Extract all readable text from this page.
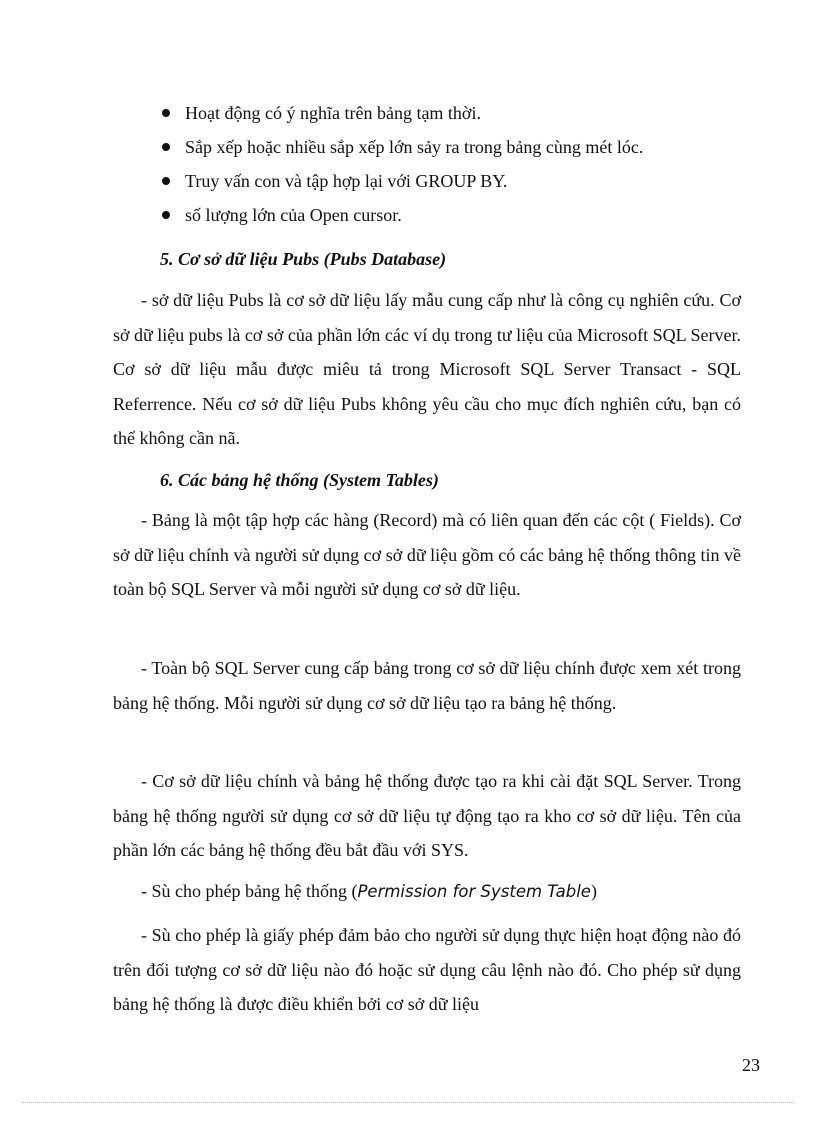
Hoạt động có ý nghĩa trên bảng tạm thời.
Sắp xếp hoặc nhiều sắp xếp lớn sảy ra trong bảng cùng mét lóc.
Truy vấn con và tập hợp lại với GROUP BY.
số lượng lớn của Open cursor.
5. Cơ sở dữ liệu Pubs (Pubs Database)

- sở dữ liệu Pubs là cơ sở dữ liệu lấy mẫu cung cấp như là công cụ nghiên cứu. Cơ sở dữ liệu pubs là cơ sở của phần lớn các ví dụ trong tư liệu của Microsoft SQL Server. Cơ sở dữ liệu mẫu được miêu tả trong Microsoft SQL Server Transact - SQL Referrence. Nếu cơ sở dữ liệu Pubs không yêu cầu cho mục đích nghiên cứu, bạn có thể không cần nã.

6. Các bảng hệ thống (System Tables)

- Bảng là một tập hợp các hàng (Record) mà có liên quan đến các cột ( Fields). Cơ sở dữ liệu chính và người sử dụng cơ sở dữ liệu gồm có các bảng hệ thống thông tin về toàn bộ SQL Server và mỗi người sử dụng cơ sở dữ liệu.

- Toàn bộ SQL Server cung cấp bảng trong cơ sở dữ liệu chính được xem xét trong bảng hệ thống. Mỗi người sử dụng cơ sở dữ liệu tạo ra bảng hệ thống.

- Cơ sở dữ liệu chính và bảng hệ thống được tạo ra khi cài đặt SQL Server. Trong bảng hệ thống người sử dụng cơ sở dữ liệu tự động tạo ra kho cơ sở dữ liệu. Tên của phần lớn các bảng hệ thống đều bắt đầu với SYS.

- Sù cho phép bảng hệ thống (Permission for System Table)

- Sù cho phép là giấy phép đảm bảo cho người sử dụng thực hiện hoạt động nào đó trên đối tượng cơ sở dữ liệu nào đó hoặc sử dụng câu lệnh nào đó. Cho phép sử dụng bảng hệ thống là được điều khiển bởi cơ sở dữ liệu

23
